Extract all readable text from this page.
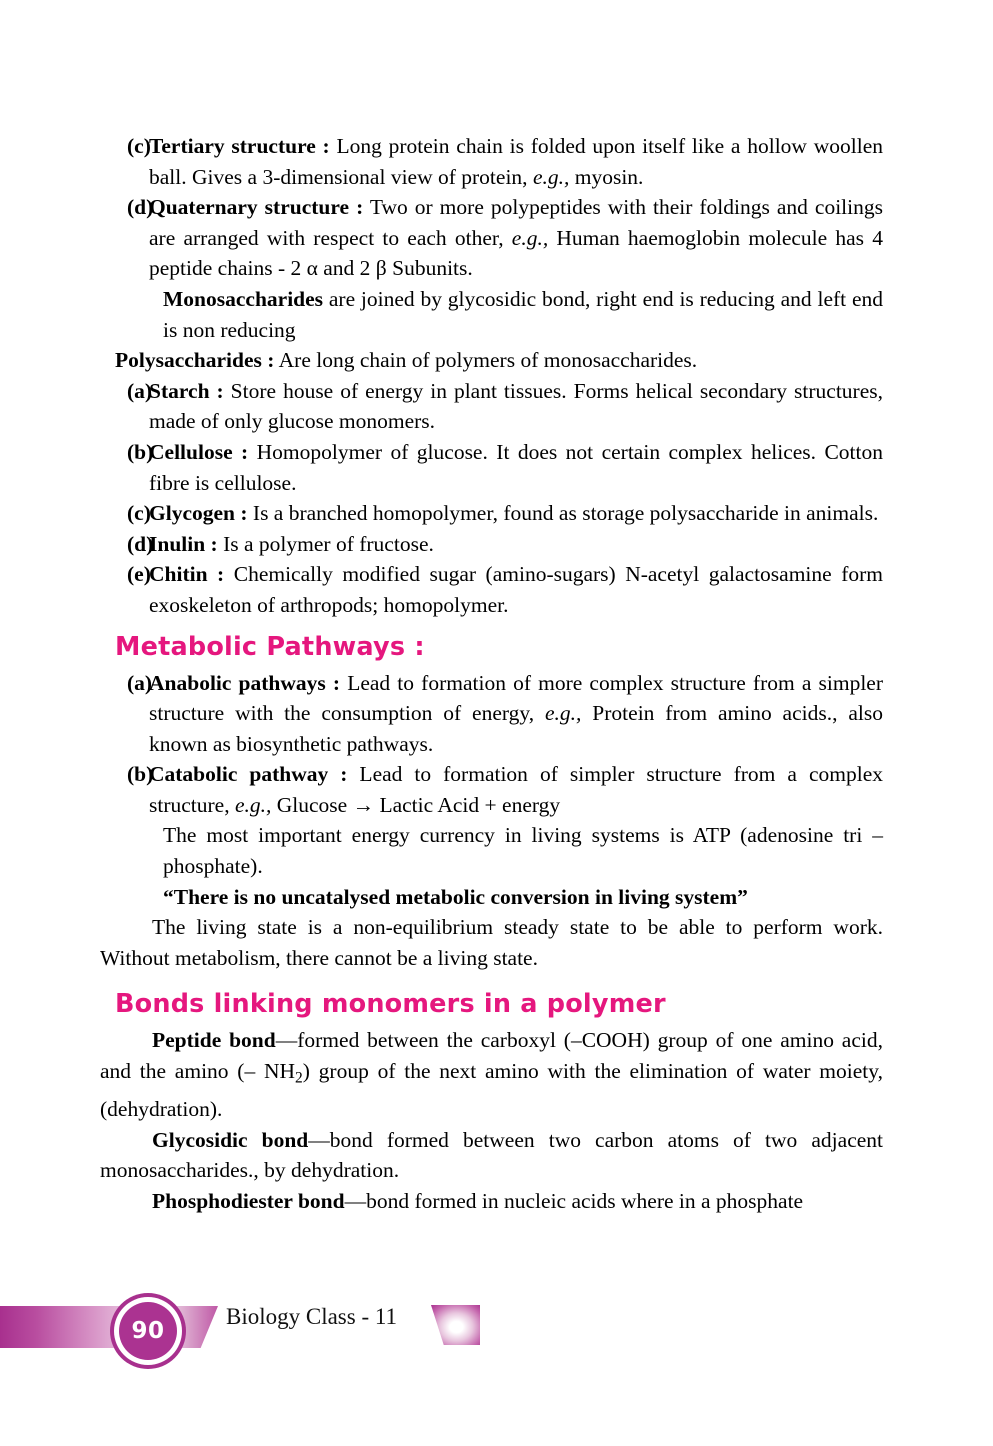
(c)
Tertiary structure : Long protein chain is folded upon itself like a hollow woollen ball. Gives a 3-dimensional view of protein, e.g., myosin.
(d)
Quaternary structure : Two or more polypeptides with their foldings and coilings are arranged with respect to each other, e.g., Human haemoglobin molecule has 4 peptide chains - 2 α and 2 β Subunits.
Monosaccharides are joined by glycosidic bond, right end is reducing and left end is non reducing
Polysaccharides : Are long chain of polymers of monosaccharides.
(a)
Starch : Store house of energy in plant tissues. Forms helical secondary structures, made of only glucose monomers.
(b)
Cellulose : Homopolymer of glucose. It does not certain complex helices. Cotton fibre is cellulose.
(c)
Glycogen : Is a branched homopolymer, found as storage polysaccharide in animals.
(d)
Inulin : Is a polymer of fructose.
(e)
Chitin : Chemically modified sugar (amino-sugars) N-acetyl galactosamine form exoskeleton of arthropods; homopolymer.
Metabolic Pathways :
(a)
Anabolic pathways : Lead to formation of more complex structure from a simpler structure with the consumption of energy, e.g., Protein from amino acids., also known as biosynthetic pathways.
(b)
Catabolic pathway : Lead to formation of simpler structure from a complex structure, e.g., Glucose → Lactic Acid + energy
The most important energy currency in living systems is ATP (adenosine tri – phosphate).
“There is no uncatalysed metabolic conversion in living system”
The living state is a non-equilibrium steady state to be able to perform work. Without metabolism, there cannot be a living state.
Bonds linking monomers in a polymer
Peptide bond—formed between the carboxyl (–COOH) group of one amino acid, and the amino (– $NH_2$) group of the next amino with the elimination of water moiety, (dehydration).
Glycosidic bond—bond formed between two carbon atoms of two adjacent monosaccharides., by dehydration.
Phosphodiester bond—bond formed in nucleic acids where in a phosphate
90
Biology Class - 11
